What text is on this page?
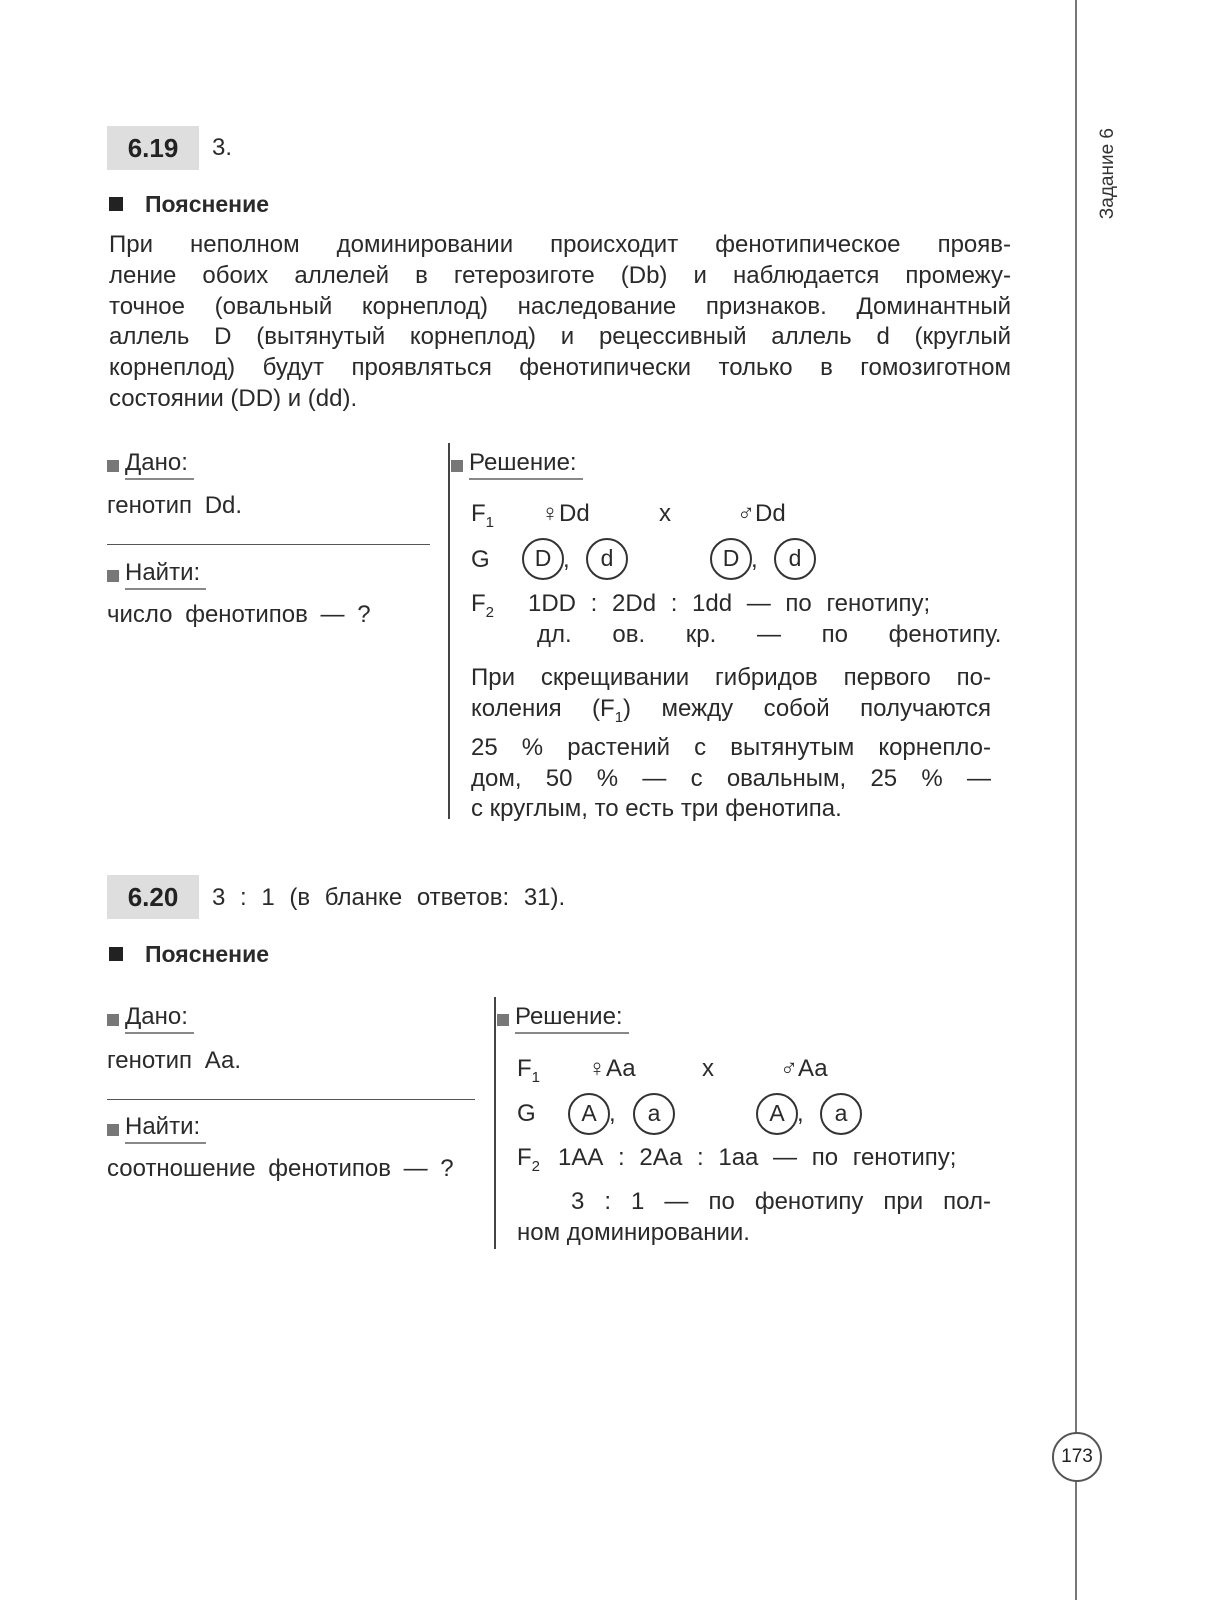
Задание 6
173
6.19	3.
Пояснение
При неполном доминировании происходит фенотипическое прояв-
ление обоих аллелей в гетерозиготе (Db) и наблюдается промежу-
точное (овальный корнеплод) наследование признаков. Доминантный
аллель D (вытянутый корнеплод) и рецессивный аллель d (круглый
корнеплод) будут проявляться фенотипически только в гомозиготном
состоянии (DD) и (dd).
Дано:
генотип Dd.
Найти:
число фенотипов — ?
Решение:
$F_1$ ♀Dd	x	♂Dd
G	D ,	d	D ,	d
$F_2$ 1DD : 2Dd : 1dd — по генотипу;
дл. ов. кр. — по фенотипу.
При скрещивании гибридов первого по-
коления $(F_1)$ между собой получаются
25 % растений с вытянутым корнепло-
дом, 50 % — с овальным, 25 % —
с круглым, то есть три фенотипа.
6.20	3 : 1 (в бланке ответов: 31).
Пояснение
Дано:
генотип Аа.
Найти:
соотношение фенотипов — ?
Решение:
$F_1$ ♀Аа	x	♂Аа
G	А ,	а	А ,	а
$F_2$ 1АА : 2Аа : 1аа — по генотипу;
3 : 1 — по фенотипу при пол-
ном доминировании.
